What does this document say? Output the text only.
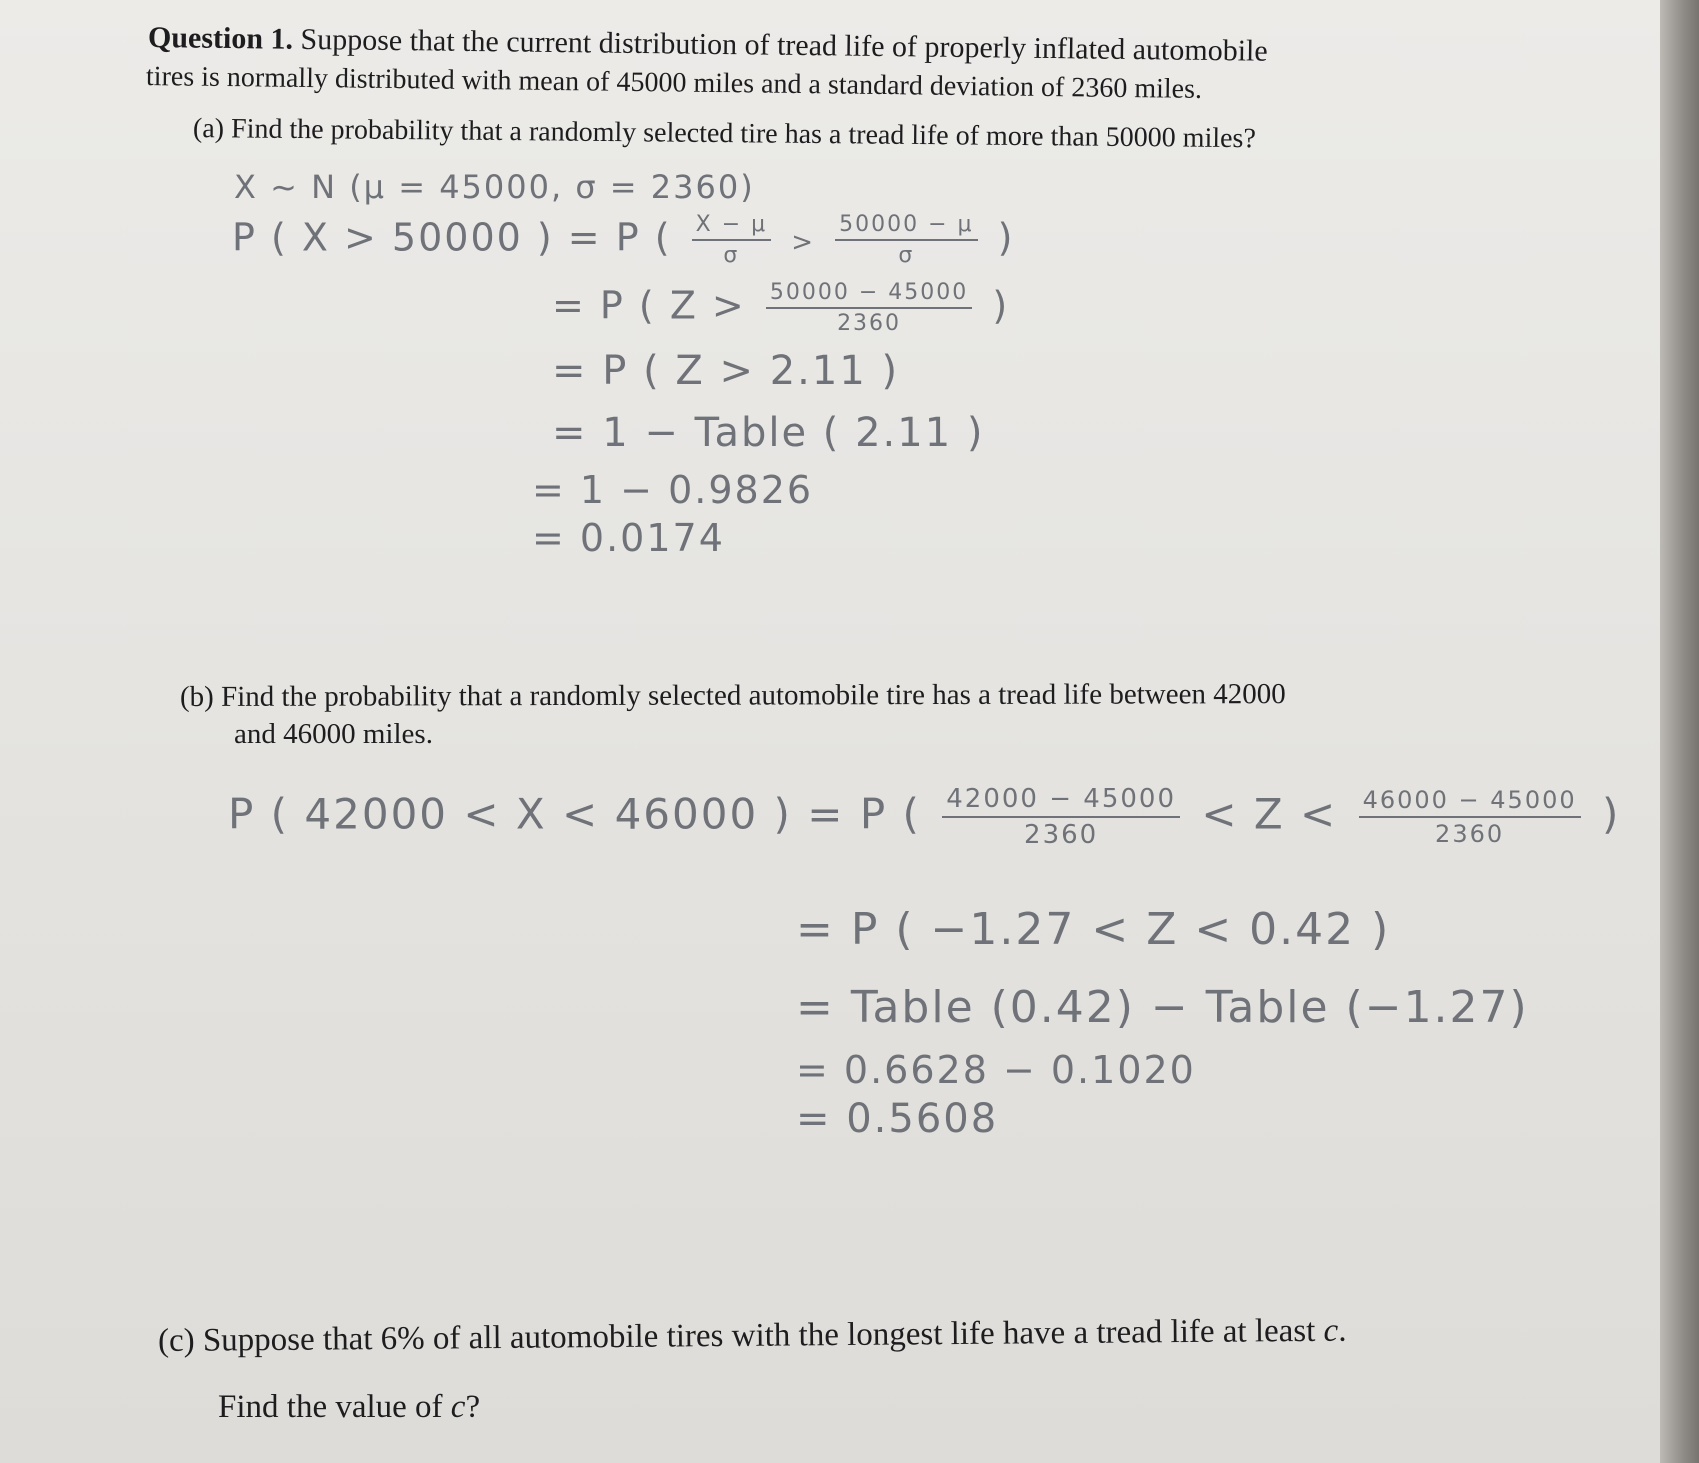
Question 1. Suppose that the current distribution of tread life of properly inflated automobile
tires is normally distributed with mean of 45000 miles and a standard deviation of 2360 miles.
(a) Find the probability that a randomly selected tire has a tread life of more than 50000 miles?
X ~ N (μ = 45000, σ = 2360)
P ( X > 50000 ) = P ( $\frac{X - \mu}{\sigma} > \frac{50000 - \mu}{\sigma}$ )
= P ( $Z > \frac{50000 - 45000}{2360}$ )
= P ( Z > 2.11 )
= 1 − Table ( 2.11 )
= 1 − 0.9826
= 0.0174
(b) Find the probability that a randomly selected automobile tire has a tread life between 42000
and 46000 miles.
P ( 42000 < X < 46000 ) = P ( $\frac{42000 - 45000}{2360} < Z < \frac{46000 - 45000}{2360}$ )
= P ( −1.27 < Z < 0.42 )
= Table (0.42) − Table (−1.27)
= 0.6628 − 0.1020
= 0.5608
(c) Suppose that 6% of all automobile tires with the longest life have a tread life at least c.
Find the value of c?
